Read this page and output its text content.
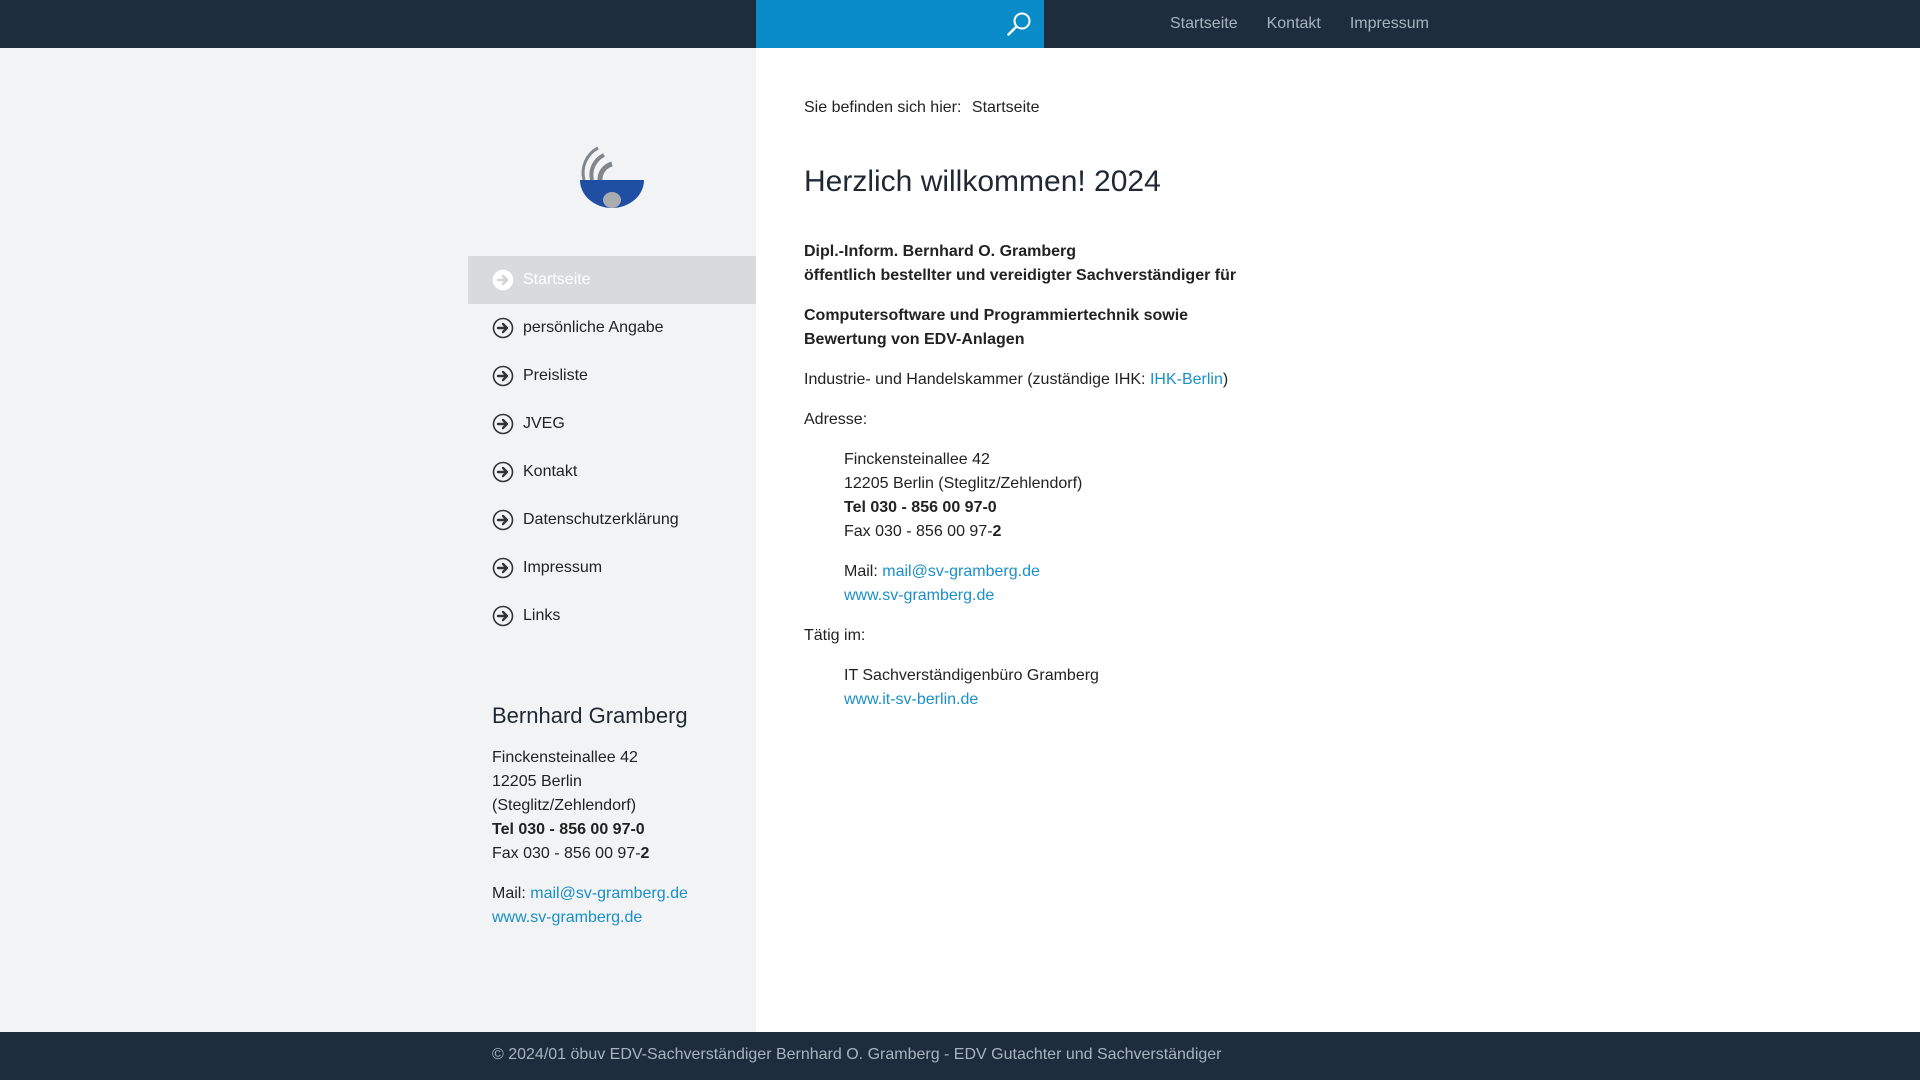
Startseite Kontakt Impressum
Startseite
persönliche Angabe
Preisliste
JVEG
Kontakt
Datenschutzerklärung
Impressum
Links
Bernhard Gramberg
Finckensteinallee 42
12205 Berlin
(Steglitz/Zehlendorf)
Tel 030 - 856 00 97-0
Fax 030 - 856 00 97-2
Mail: mail@sv-gramberg.de
www.sv-gramberg.de
Sie befinden sich hier: Startseite
Herzlich willkommen! 2024

Dipl.-Inform. Bernhard O. Gramberg

öffentlich bestellter und vereidigter Sachverständiger für

Computersoftware und Programmiertechnik sowie

Bewertung von EDV-Anlagen

Industrie- und Handelskammer (zuständige IHK: IHK-Berlin)
Adresse:

Finckensteinallee 42

12205 Berlin (Steglitz/Zehlendorf)

Tel 030 - 856 00 97-0

Fax 030 - 856 00 97-2

Mail: mail@sv-gramberg.de

www.sv-gramberg.de

Tätig im:

IT Sachverständigenbüro Gramberg

www.it-sv-berlin.de

© 2024/01 öbuv EDV-Sachverständiger Bernhard O. Gramberg - EDV Gutachter und Sachverständiger
